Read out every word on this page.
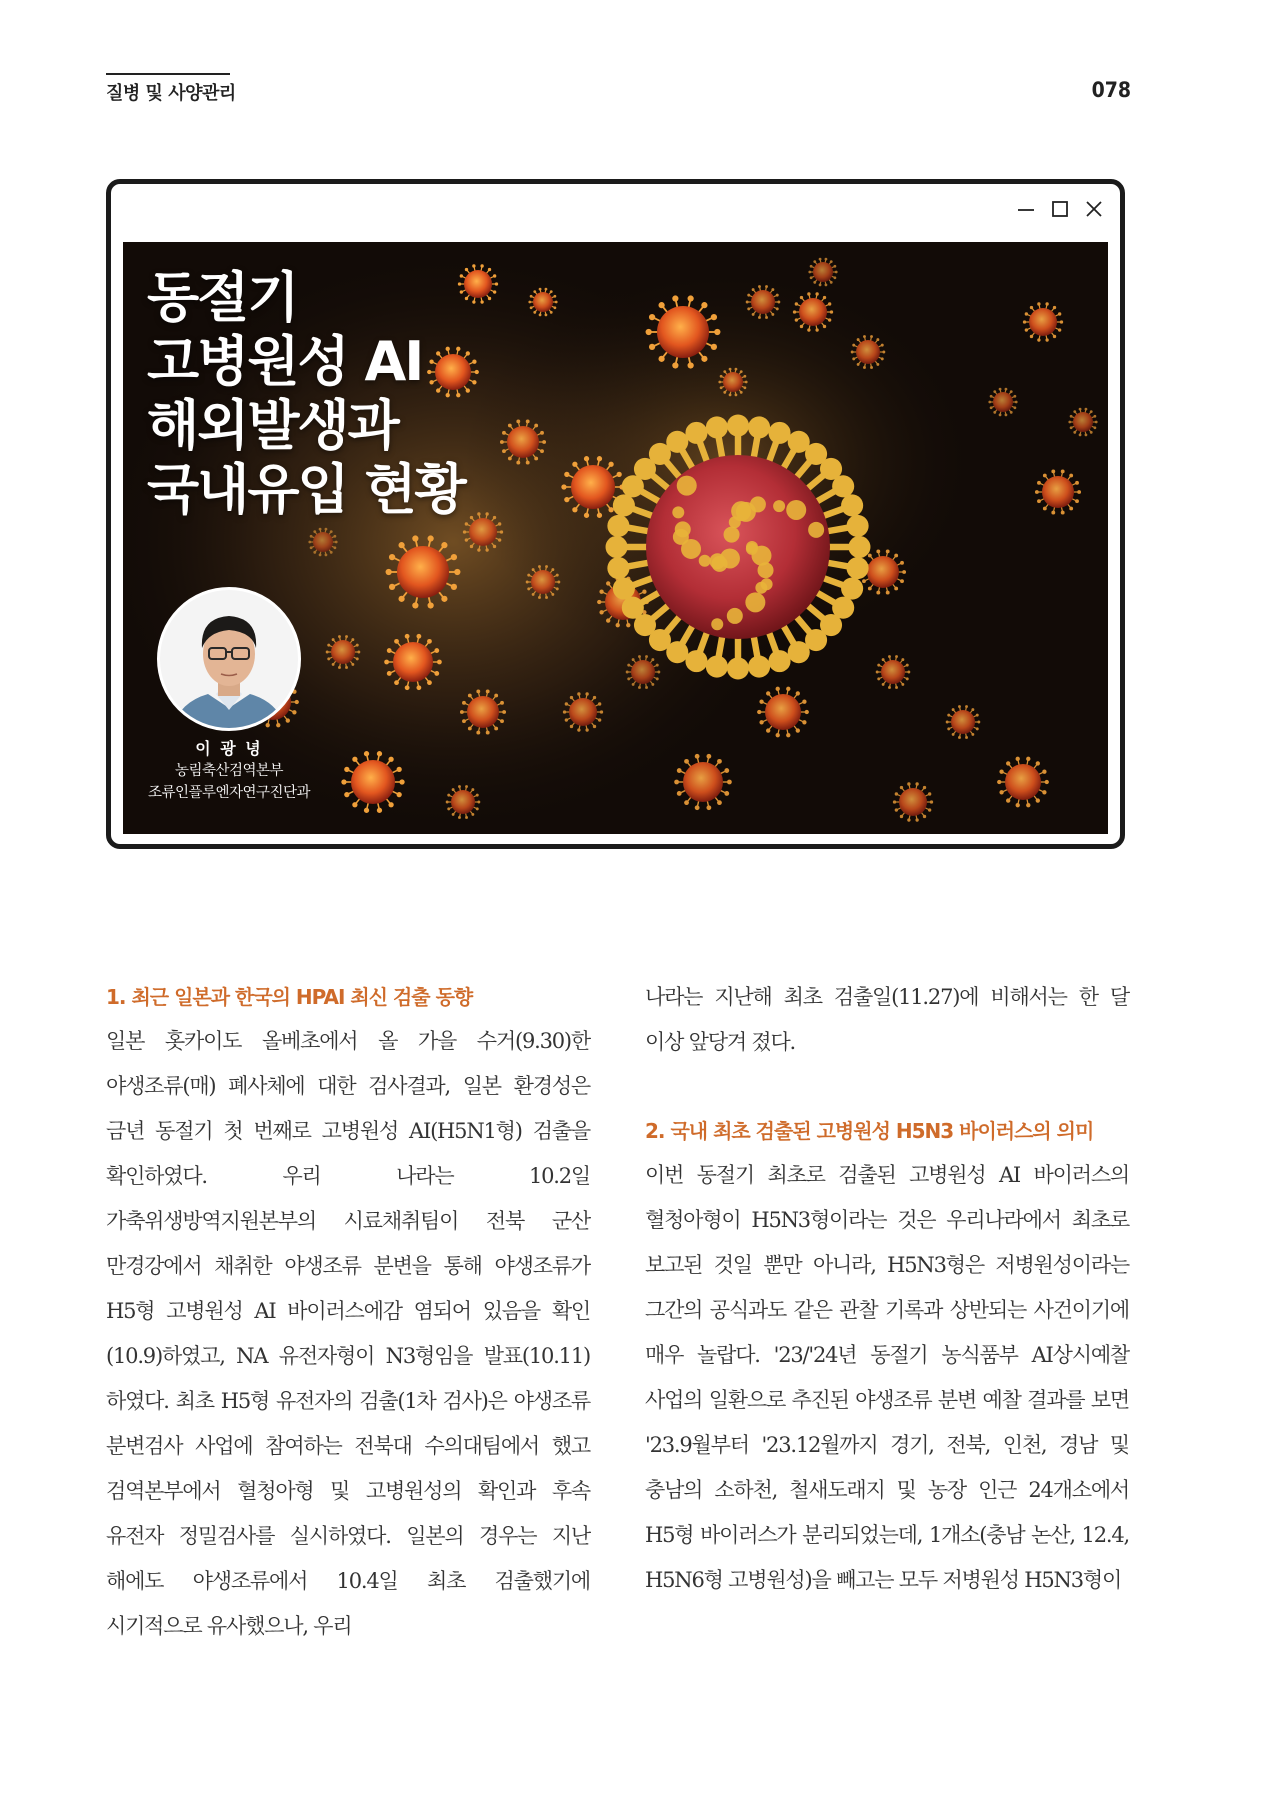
질병 및 사양관리	078
동절기
고병원성 AI
해외발생과
국내유입 현황
이 광 녕
농림축산검역본부
조류인플루엔자연구진단과
1. 최근 일본과 한국의 HPAI 최신 검출 동향

일본 홋카이도 올베초에서 올 가을 수거(9.30)한 야생조류(매) 폐사체에 대한 검사결과, 일본 환경성은 금년 동절기 첫 번째로 고병원성 AI(H5N1형) 검출을 확인하였다. 우리 나라는 10.2일 가축위생방역지원본부의 시료채취팀이 전북 군산 만경강에서 채취한 야생조류 분변을 통해 야생조류가 H5형 고병원성 AI 바이러스에감 염되어 있음을 확인(10.9)하였고, NA 유전자형이 N3형임을 발표(10.11)하였다. 최초 H5형 유전자의 검출(1차 검사)은 야생조류 분변검사 사업에 참여하는 전북대 수의대팀에서 했고 검역본부에서 혈청아형 및 고병원성의 확인과 후속 유전자 정밀검사를 실시하였다. 일본의 경우는 지난 해에도 야생조류에서 10.4일 최초 검출했기에 시기적으로 유사했으나, 우리

나라는 지난해 최초 검출일(11.27)에 비해서는 한 달 이상 앞당겨 졌다.

2. 국내 최초 검출된 고병원성 H5N3 바이러스의 의미

이번 동절기 최초로 검출된 고병원성 AI 바이러스의 혈청아형이 H5N3형이라는 것은 우리나라에서 최초로 보고된 것일 뿐만 아니라, H5N3형은 저병원성이라는 그간의 공식과도 같은 관찰 기록과 상반되는 사건이기에 매우 놀랍다. '23/'24년 동절기 농식품부 AI상시예찰 사업의 일환으로 추진된 야생조류 분변 예찰 결과를 보면 '23.9월부터 '23.12월까지 경기, 전북, 인천, 경남 및 충남의 소하천, 철새도래지 및 농장 인근 24개소에서 H5형 바이러스가 분리되었는데, 1개소(충남 논산, 12.4, H5N6형 고병원성)을 빼고는 모두 저병원성 H5N3형이
